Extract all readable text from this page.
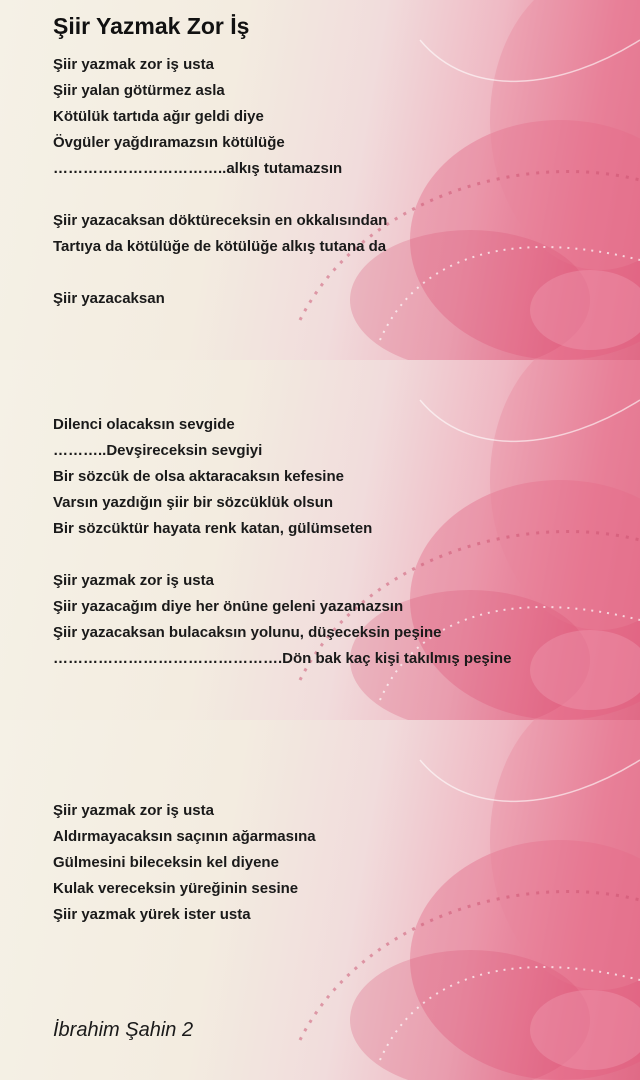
Şiir Yazmak Zor İş
Şiir yazmak zor iş usta
Şiir yalan götürmez asla
Kötülük tartıda ağır geldi diye
Övgüler yağdıramazsın kötülüğe
……………………………..alkış tutamazsın
Şiir yazacaksan döktüreceksin en okkalısından
Tartıya da kötülüğe de kötülüğe alkış tutana da
Şiir yazacaksan
Dilenci olacaksın sevgide
………..Devşireceksin sevgiyi
Bir sözcük de olsa aktaracaksın kefesine
Varsın yazdığın şiir bir sözcüklük olsun
Bir sözcüktür hayata renk katan, gülümseten
Şiir yazmak zor iş usta
Şiir yazacağım diye her önüne geleni yazamazsın
Şiir yazacaksan bulacaksın yolunu, düşeceksin peşine
……………………………………….Dön bak kaç kişi takılmış peşine
Şiir yazmak zor iş usta
Aldırmayacaksın saçının ağarmasına
Gülmesini bileceksin kel diyene
Kulak vereceksin yüreğinin sesine
Şiir yazmak yürek ister usta
İbrahim Şahin 2
